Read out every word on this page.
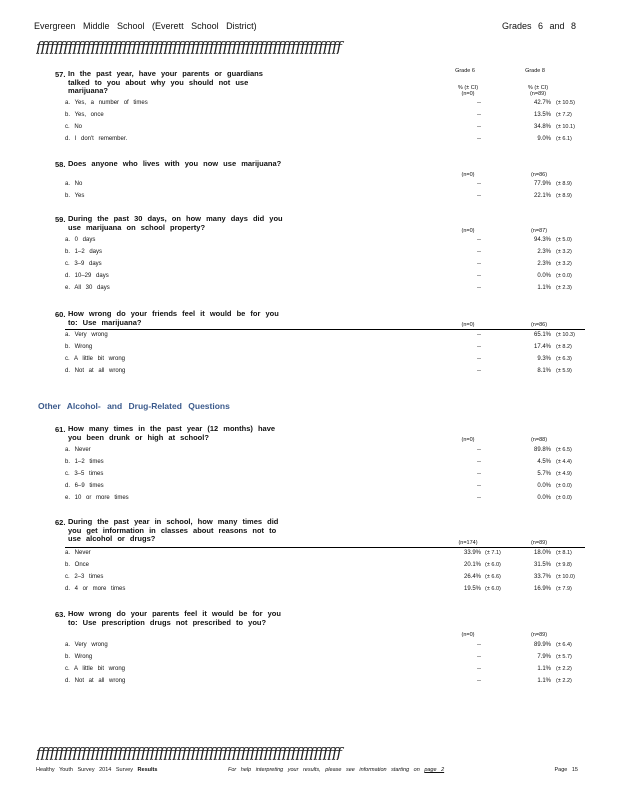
Evergreen Middle School (Everett School District)	Grades 6 and 8
ƒƒƒƒƒƒƒƒƒƒƒƒƒƒƒƒƒƒƒƒƒƒƒƒƒƒƒƒƒƒƒƒƒƒƒƒƒƒƒƒƒƒƒƒƒƒƒƒƒƒƒƒƒƒƒƒƒƒƒƒƒƒƒƒƒƒƒ
Grade 6	Grade 8
% (± CI)	% (± CI)
(n=0)	(n=89)
57. In the past year, have your parents or guardians talked to you about why you should not use marijuana?
a. Yes, a number of times	--	42.7% (± 10.5)
b. Yes, once	--	13.5% (± 7.2)
c. No	--	34.8% (± 10.1)
d. I don't remember.	--	9.0% (± 6.1)
58. Does anyone who lives with you now use marijuana?
(n=0)	(n=86)
a. No	--	77.9% (± 8.9)
b. Yes	--	22.1% (± 8.9)
59. During the past 30 days, on how many days did you use marijuana on school property?	(n=0)	(n=87)
a. 0 days	--	94.3% (± 5.0)
b. 1–2 days	--	2.3% (± 3.2)
c. 3–9 days	--	2.3% (± 3.2)
d. 10–29 days	--	0.0% (± 0.0)
e. All 30 days	--	1.1% (± 2.3)
60. How wrong do your friends feel it would be for you to: Use marijuana?	(n=0)	(n=86)
a. Very wrong	--	65.1% (± 10.3)
b. Wrong	--	17.4% (± 8.2)
c. A little bit wrong	--	9.3% (± 6.3)
d. Not at all wrong	--	8.1% (± 5.9)
Other Alcohol- and Drug-Related Questions
61. How many times in the past year (12 months) have you been drunk or high at school?	(n=0)	(n=88)
a. Never	--	89.8% (± 6.5)
b. 1–2 times	--	4.5% (± 4.4)
c. 3–5 times	--	5.7% (± 4.9)
d. 6–9 times	--	0.0% (± 0.0)
e. 10 or more times	--	0.0% (± 0.0)
62. During the past year in school, how many times did you get information in classes about reasons not to use alcohol or drugs?	(n=174)	(n=89)
a. Never	33.9% (± 7.1)	18.0% (± 8.1)
b. Once	20.1% (± 6.0)	31.5% (± 9.8)
c. 2–3 times	26.4% (± 6.6)	33.7% (± 10.0)
d. 4 or more times	19.5% (± 6.0)	16.9% (± 7.9)
63. How wrong do your parents feel it would be for you to: Use prescription drugs not prescribed to you?
(n=0)	(n=89)
a. Very wrong	--	89.9% (± 6.4)
b. Wrong	--	7.9% (± 5.7)
c. A little bit wrong	--	1.1% (± 2.2)
d. Not at all wrong	--	1.1% (± 2.2)
ƒƒƒƒƒƒƒƒƒƒƒƒƒƒƒƒƒƒƒƒƒƒƒƒƒƒƒƒƒƒƒƒƒƒƒƒƒƒƒƒƒƒƒƒƒƒƒƒƒƒƒƒƒƒƒƒƒƒƒƒƒƒƒƒƒƒƒ
Healthy Youth Survey 2014 Survey Results	For help interpreting your results, please see information starting on page 2	Page 15
